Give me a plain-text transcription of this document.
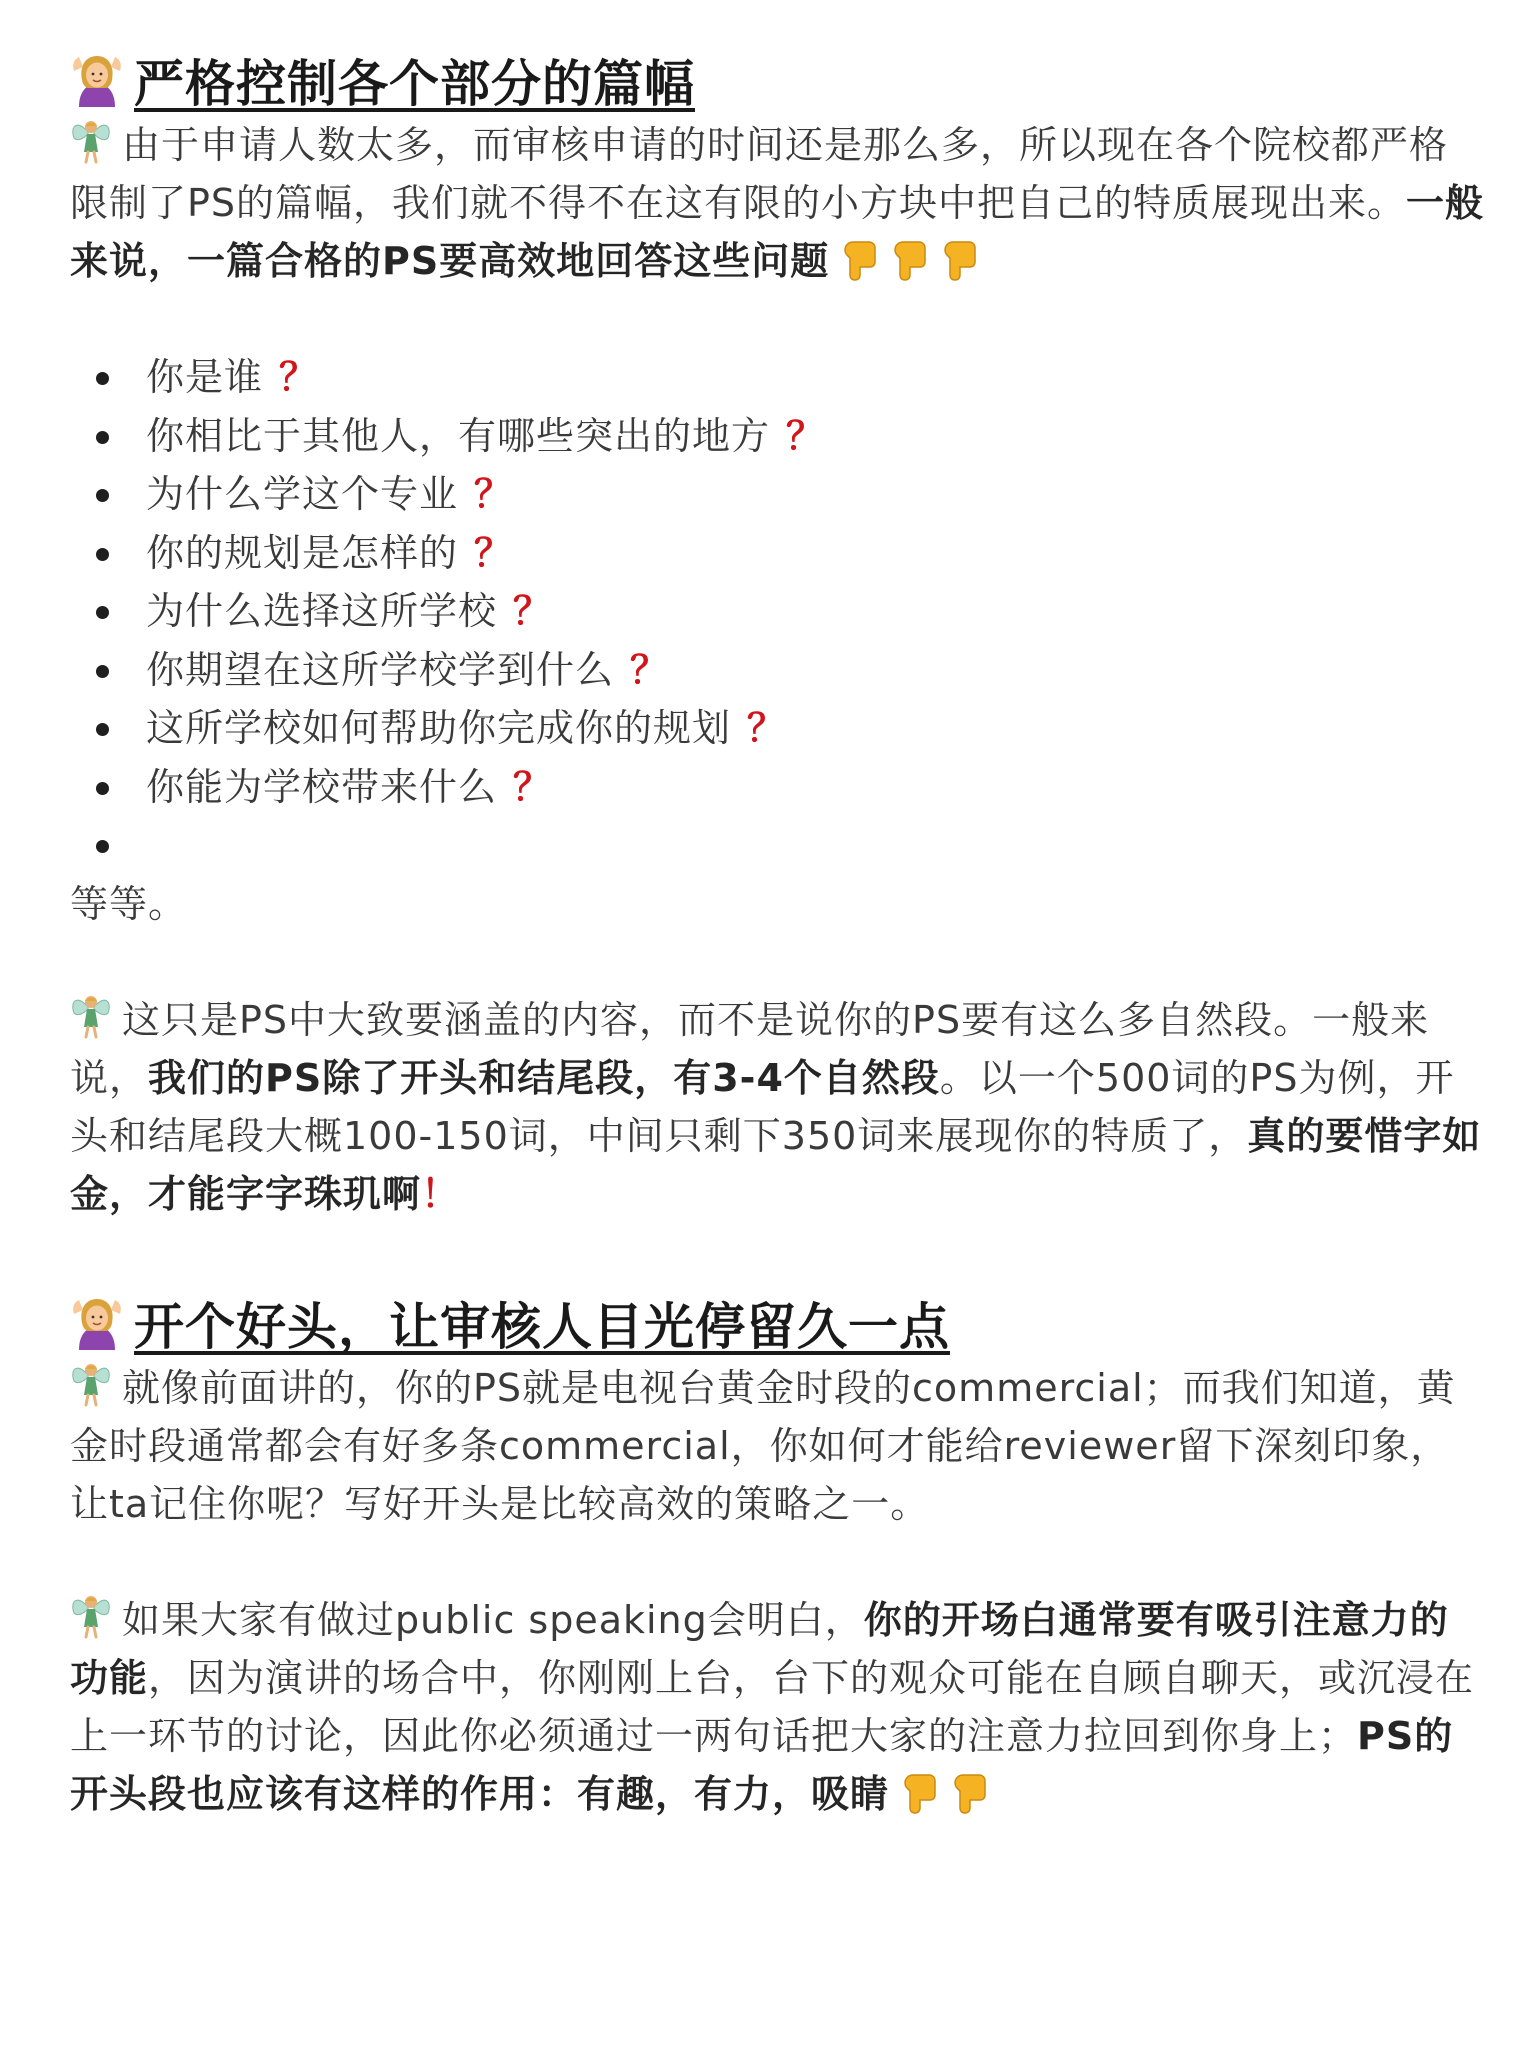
严格控制各个部分的篇幅

由于申请人数太多，而审核申请的时间还是那么多，所以现在各个院校都严格限制了PS的篇幅，我们就不得不在这有限的小方块中把自己的特质展现出来。一般来说，一篇合格的PS要高效地回答这些问题

你是谁 ？
你相比于其他人，有哪些突出的地方 ？
为什么学这个专业 ？
你的规划是怎样的 ？
为什么选择这所学校 ？
你期望在这所学校学到什么 ？
这所学校如何帮助你完成你的规划 ？
你能为学校带来什么 ？

等等。

这只是PS中大致要涵盖的内容，而不是说你的PS要有这么多自然段。一般来说，我们的PS除了开头和结尾段，有3-4个自然段。以一个500词的PS为例，开头和结尾段大概100-150词，中间只剩下350词来展现你的特质了，真的要惜字如金，才能字字珠玑啊！

开个好头，让审核人目光停留久一点

就像前面讲的，你的PS就是电视台黄金时段的commercial；而我们知道，黄金时段通常都会有好多条commercial，你如何才能给reviewer留下深刻印象，让ta记住你呢？写好开头是比较高效的策略之一。

如果大家有做过public speaking会明白，你的开场白通常要有吸引注意力的功能，因为演讲的场合中，你刚刚上台，台下的观众可能在自顾自聊天，或沉浸在上一环节的讨论，因此你必须通过一两句话把大家的注意力拉回到你身上；PS的开头段也应该有这样的作用：有趣，有力，吸睛
